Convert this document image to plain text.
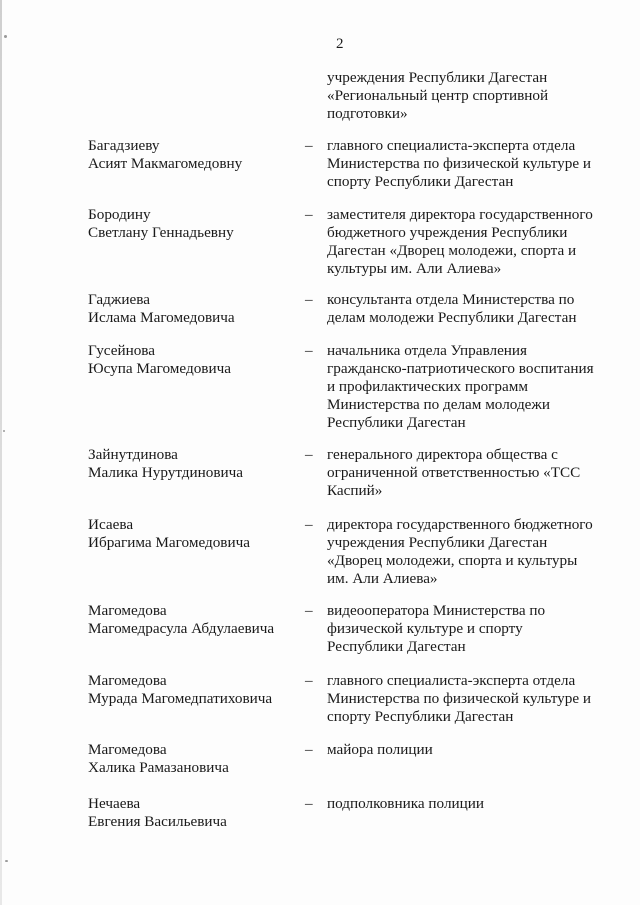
2
учреждения Республики Дагестан
«Региональный центр спортивной
подготовки»
Багадзиеву
Асият Макмагомедовну
– главного специалиста-эксперта отдела
Министерства по физической культуре и
спорту Республики Дагестан
Бородину
Светлану Геннадьевну
– заместителя директора государственного
бюджетного учреждения Республики
Дагестан «Дворец молодежи, спорта и
культуры им. Али Алиева»
Гаджиева
Ислама Магомедовича
– консультанта отдела Министерства по
делам молодежи Республики Дагестан
Гусейнова
Юсупа Магомедовича
– начальника отдела Управления
гражданско-патриотического воспитания
и профилактических программ
Министерства по делам молодежи
Республики Дагестан
Зайнутдинова
Малика Нурутдиновича
– генерального директора общества с
ограниченной ответственностью «ТСС
Каспий»
Исаева
Ибрагима Магомедовича
– директора государственного бюджетного
учреждения Республики Дагестан
«Дворец молодежи, спорта и культуры
им. Али Алиева»
Магомедова
Магомедрасула Абдулаевича
– видеооператора Министерства по
физической культуре и спорту
Республики Дагестан
Магомедова
Мурада Магомедпатиховича
– главного специалиста-эксперта отдела
Министерства по физической культуре и
спорту Республики Дагестан
Магомедова
Халика Рамазановича
– майора полиции
Нечаева
Евгения Васильевича
– подполковника полиции
